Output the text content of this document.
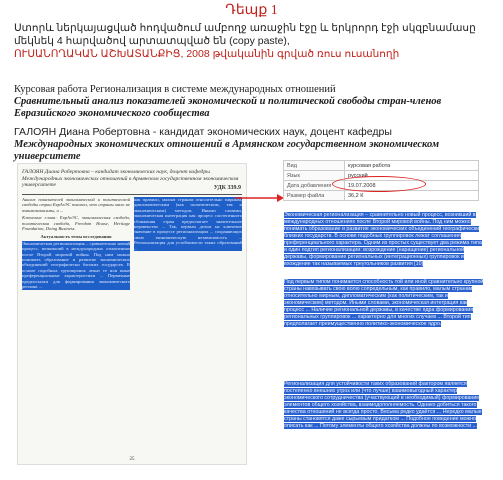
Դեպք 1
Ստորև ներկայացված հոդվածում ամբողջ առաջին էջը և երկրորդ էջի սկզբնամասը
մեկնեկ 4 հարվածով արտատպված են (copy paste),
ՈՒՍԱՆՈՂԱԿԱՆ ԱՇԽԱՏԱՆՔԻՑ, 2008 թվականին գրված ռուս ուսանողի
Курсовая работа Регионализация в системе международных отношений
Сравнительный анализ показателей экономической и политической свободы стран-членов
Евразийского экономического сообщества
ГАЛОЯН Диана Робертовна - кандидат экономических наук, доцент кафедры
Международных экономических отношений в Армянском государственном экономическом университете
ГАЛОЯН Диана Робертовна – кандидат экономических наук, доцент кафедры Международных экономических отношений в Армянском государственном экономическом университете	УДК 339.9
Анализ показателей экономической и политической свободы стран ЕврАзЭС показал, что страны мало не взаимозависимы, и ...
Ключевые слова: ЕврАзЭС, экономическая свобода, политическая свобода, Freedom House, Heritage Foundation, Doing Business.
Актуальность темы исследования
Экономическая регионализация – сравнительно новый процесс, возникший в международных отношениях после Второй мировой войны. Под ним можно понимать образование и развитие экономических объединений географически близких государств. В основе подобных группировок лежат те или иные преференциальные характеристики ... Первичные предпосылки для формирования экономического региона ...
как правило, малым странам относительно мирным, дипломатическим (как политическим, так и экономическим) методом. Иными словами, экономическая интеграция как процесс постепенного сближения стран предполагает значительное неравенство ... Так, первым делом на ключевое значение в процессе регионализации ... сохраняющих свою экономическую независимость ... Регионализация для устойчивости таких образований ...
25
Вид	курсовая работа
Язык	русский
Дата добавления	19.07.2008
Размер файла	36,2 К
Экономическая регионализация – сравнительно новый процесс, возникший в международных отношениях после Второй мировой войны. Под ним можно понимать образование и развитие экономических объединений географически близких государств. В основе подобных группировок лежат соглашения преференциального характера. Одним из простых существует два режима типа и один подтип регионализации: возрождение (наращение) региональной державы, формирование региональных (интеграционных) группировок и вхождение так называемых треугольников развития [10]
Под первым типом понимается способность той или иной сравнительно крупной страны навязывать свою волю сопредельным, как правило, малым странам относительно мирным, дипломатическим (как политическим, так и экономическим) методом. Иными словами, экономическая интеграция как процесс ... Наличие региональной державы, в качестве ядра формирования региональных группировок ... характерно для многих случаев ... Второй тип предполагает преимущественно политико-экономическое ядро.
Регионализация для устойчивости таких образований фактором является постепенно внешних угроз или (что лучше) взаимовыгодный характер экономического сотрудничества (участвующий в необходимый) формирование элементов общего хозяйства, взаимодополняемость. Однако добиться такого качества отношений не всегда просто. Весьма редко удаётся ... Нередко малые страны становятся даже сырьевым придатком ... Подобное поведение можно описать как ... Потому элементы общего хозяйства должны по возможности ...
